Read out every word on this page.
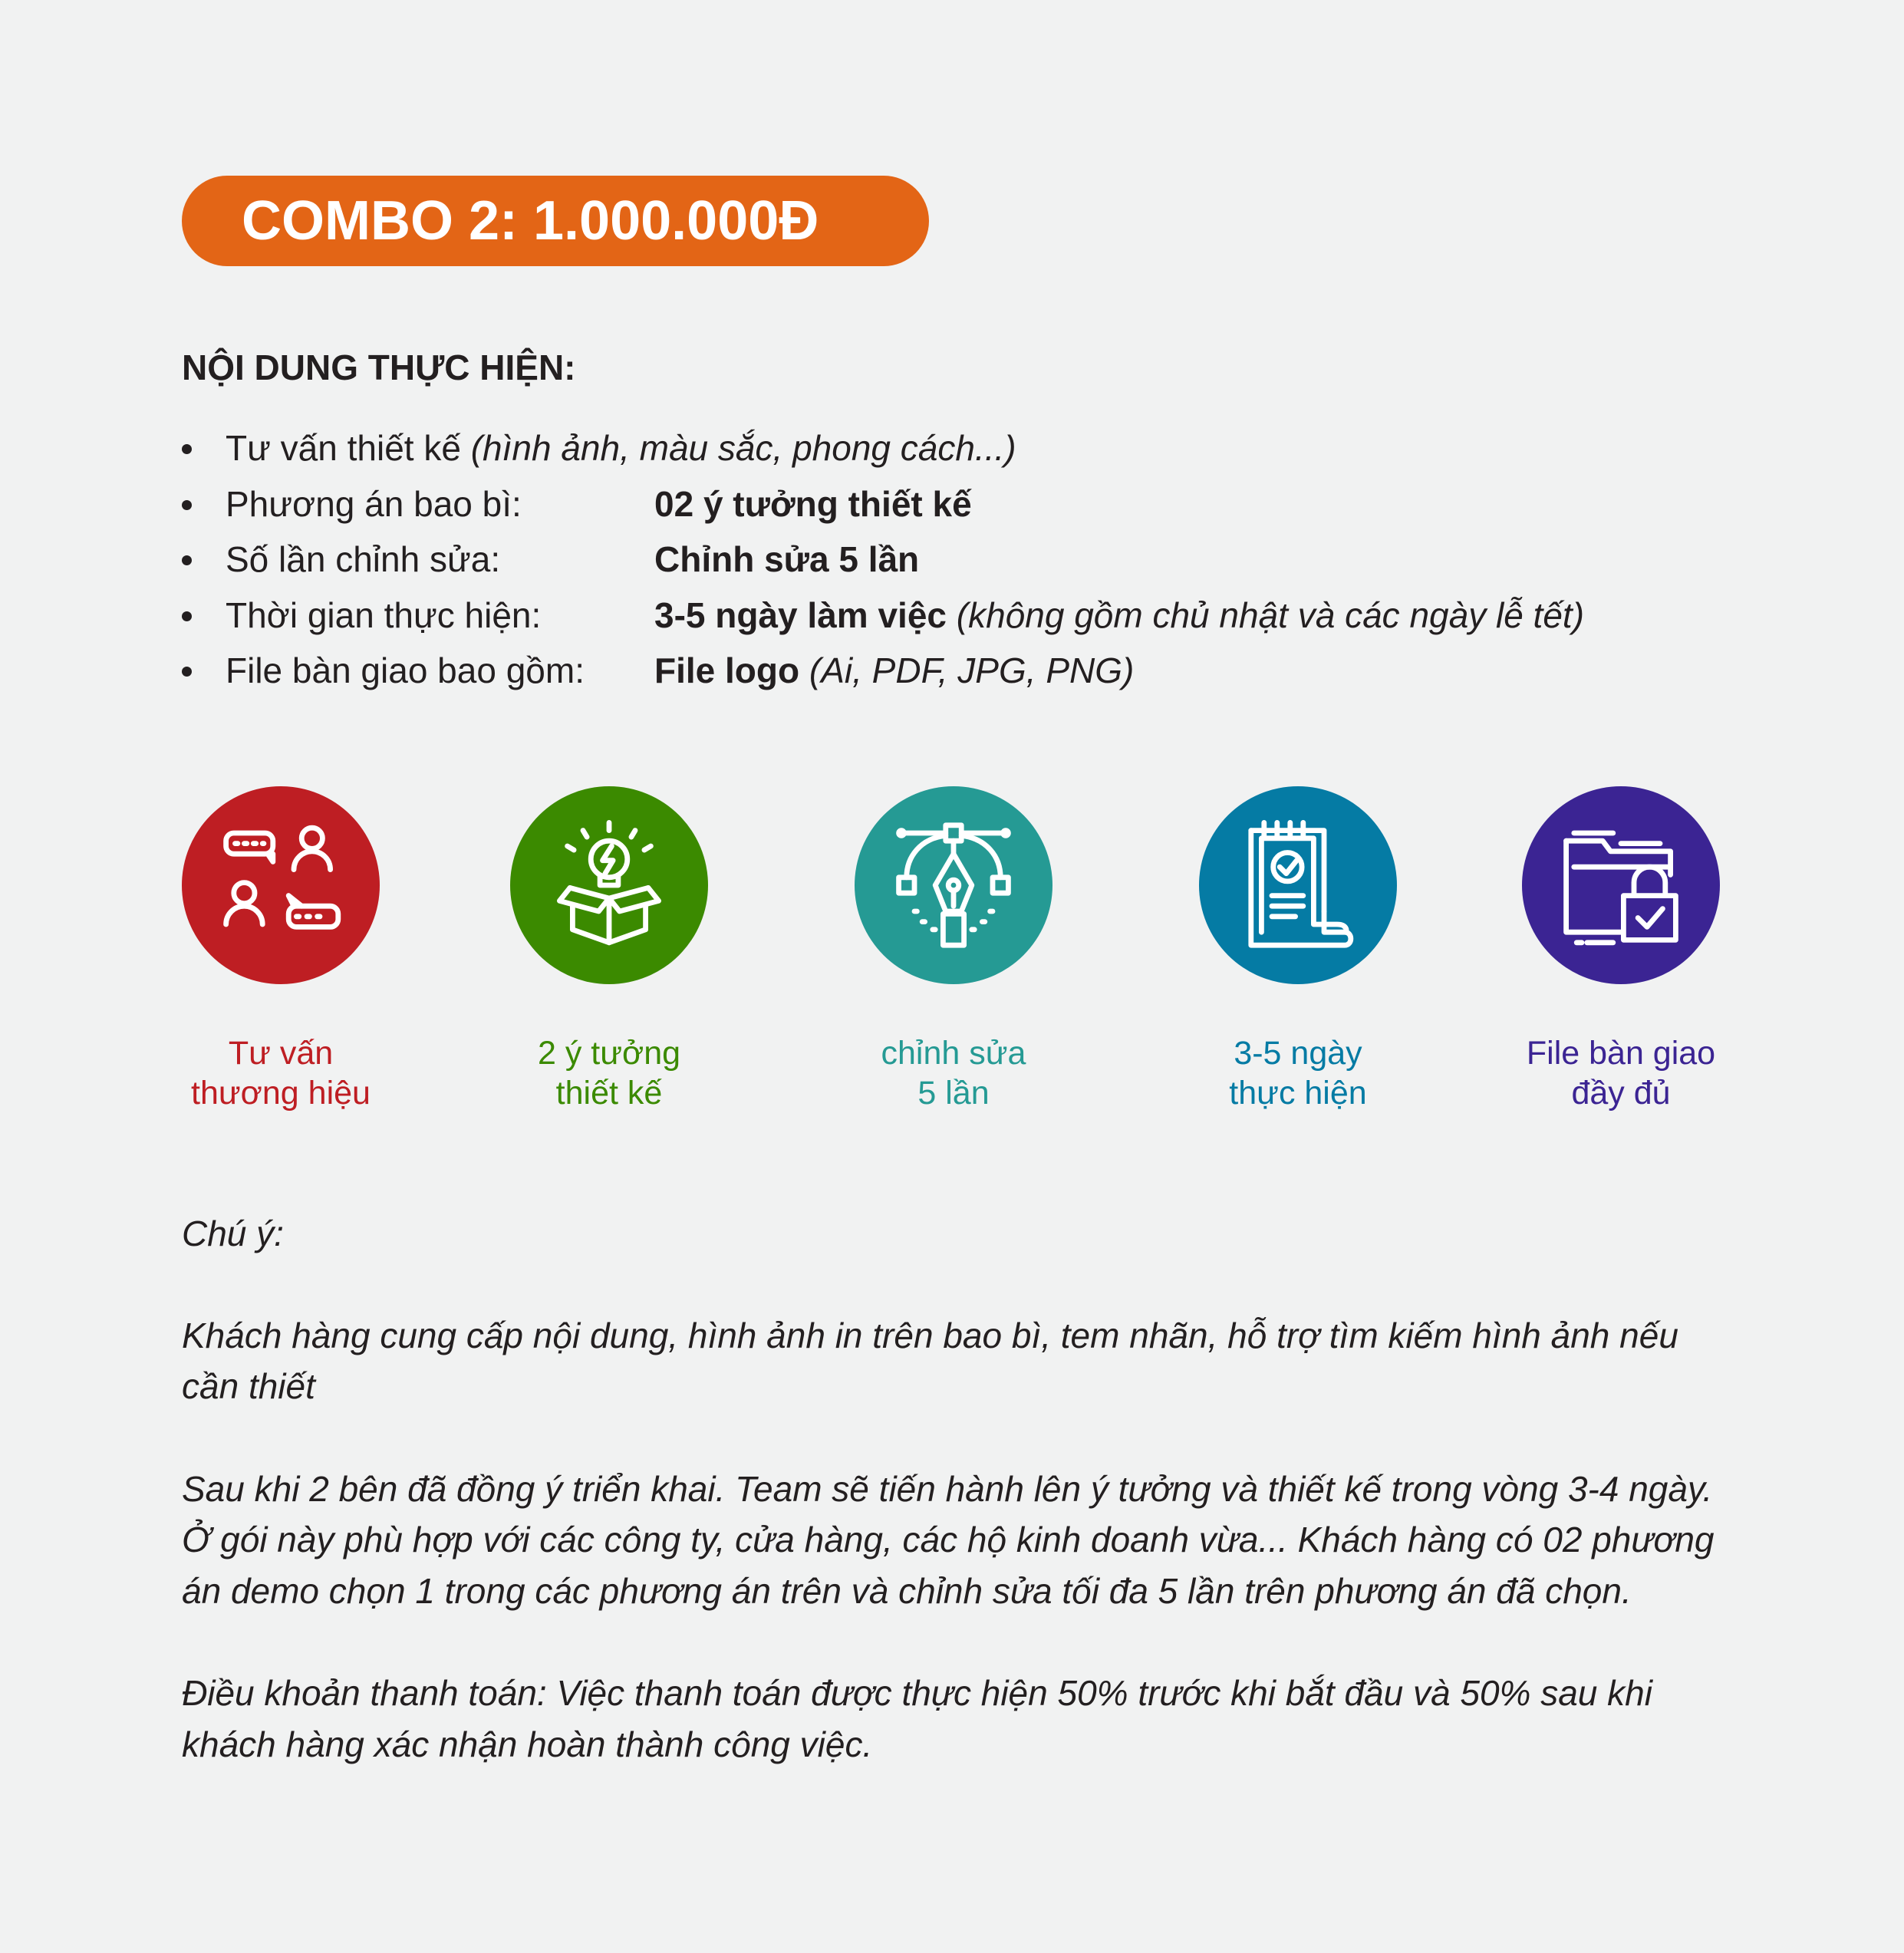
COMBO 2: 1.000.000Đ
NỘI DUNG THỰC HIỆN:
Tư vấn thiết kế (hình ảnh, màu sắc, phong cách...)
Phương án bao bì:	02 ý tưởng thiết kế
Số lần chỉnh sửa:	Chỉnh sửa 5 lần
Thời gian thực hiện:	3-5 ngày làm việc (không gồm chủ nhật và các ngày lễ tết)
File bàn giao bao gồm: File logo (Ai, PDF, JPG, PNG)
Tư vấn
thương hiệu
2 ý tưởng
thiết kế
chỉnh sửa
5 lần
3-5 ngày
thực hiện
File bàn giao
đầy đủ

Chú ý:

Khách hàng cung cấp nội dung, hình ảnh in trên bao bì, tem nhãn, hỗ trợ tìm kiếm hình ảnh nếu cần thiết

Sau khi 2 bên đã đồng ý triển khai. Team sẽ tiến hành lên ý tưởng và thiết kế trong vòng 3-4 ngày. Ở gói này phù hợp với các công ty, cửa hàng, các hộ kinh doanh vừa... Khách hàng có 02 phương án demo chọn 1 trong các phương án trên và chỉnh sửa tối đa 5 lần trên phương án đã chọn.

Điều khoản thanh toán: Việc thanh toán được thực hiện 50% trước khi bắt đầu và 50% sau khi khách hàng xác nhận hoàn thành công việc.
